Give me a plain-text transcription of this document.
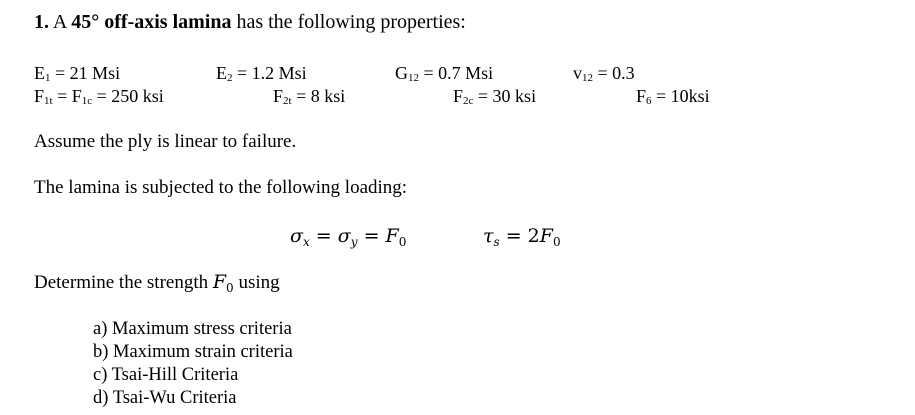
1. A 45° off-axis lamina has the following properties:
E1 = 21 Msi	E2 = 1.2 Msi	G12 = 0.7 Msi	v12 = 0.3
F1t = F1c = 250 ksi	F2t = 8 ksi	F2c = 30 ksi	F6 = 10ksi
Assume the ply is linear to failure.
The lamina is subjected to the following loading:
$\sigma_x = \sigma_y = F_0$	$\tau_s = 2F_0$
Determine the strength $F_0$ using
a) Maximum stress criteria
b) Maximum strain criteria
c) Tsai-Hill Criteria
d) Tsai-Wu Criteria
